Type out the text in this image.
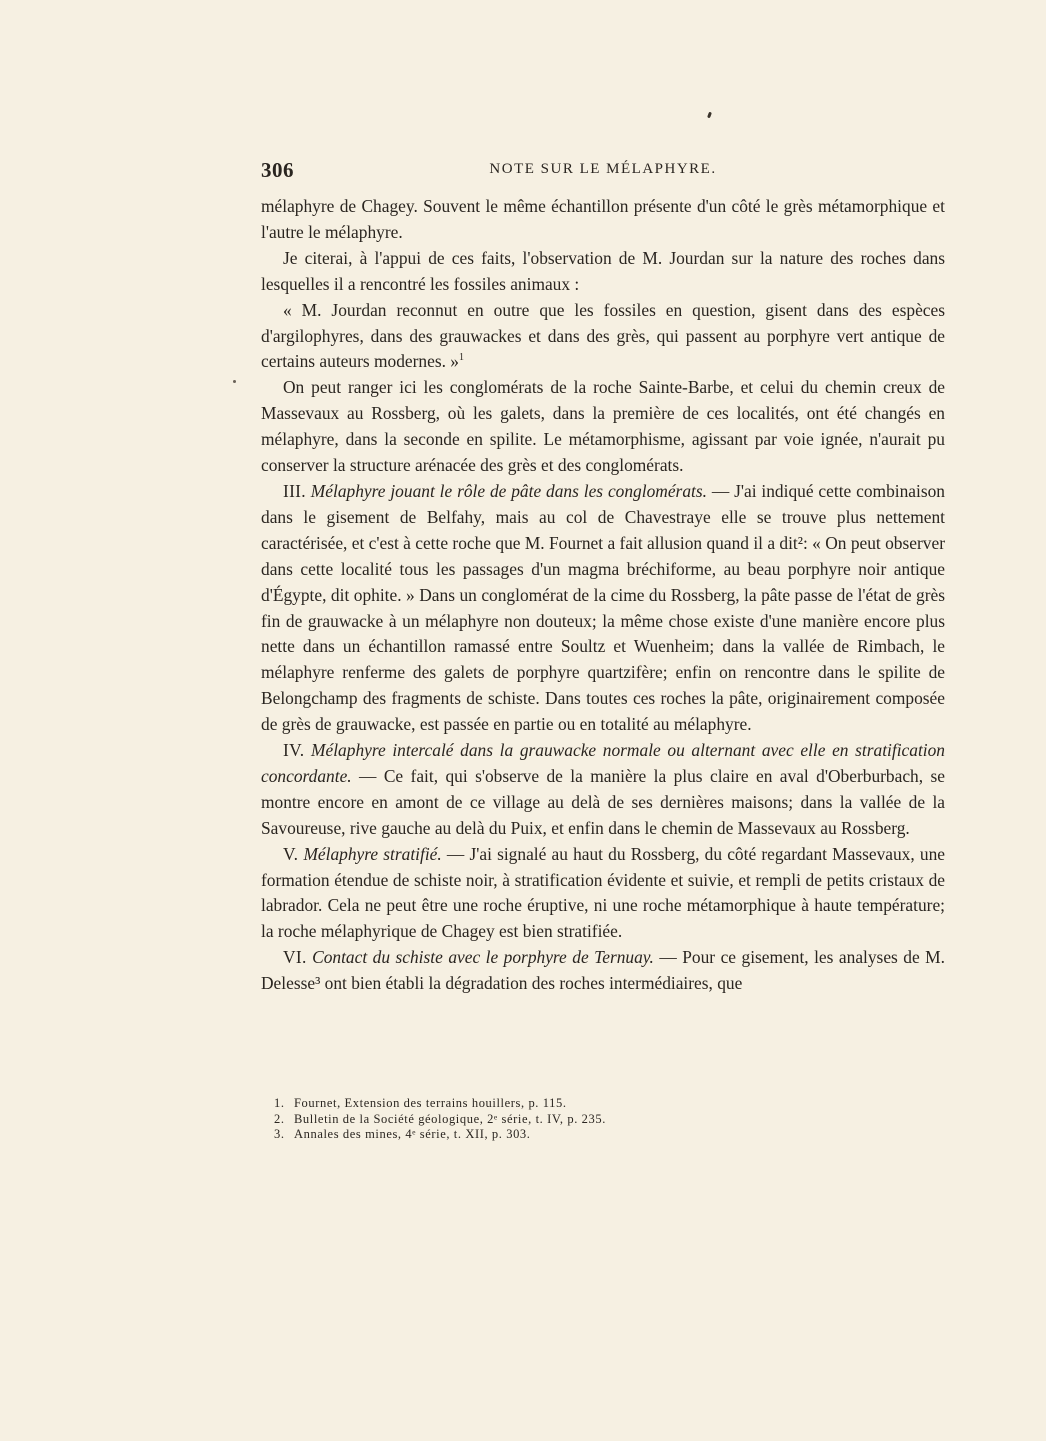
306	NOTE SUR LE MÉLAPHYRE.

mélaphyre de Chagey. Souvent le même échantillon présente d'un côté le grès métamorphique et l'autre le mélaphyre.

Je citerai, à l'appui de ces faits, l'observation de M. Jourdan sur la nature des roches dans lesquelles il a rencontré les fossiles animaux :

« M. Jourdan reconnut en outre que les fossiles en question, gisent dans des espèces d'argilophyres, dans des grauwackes et dans des grès, qui passent au porphyre vert antique de certains auteurs modernes. »$^1$

On peut ranger ici les conglomérats de la roche Sainte-Barbe, et celui du chemin creux de Massevaux au Rossberg, où les galets, dans la première de ces localités, ont été changés en mélaphyre, dans la seconde en spilite. Le métamorphisme, agissant par voie ignée, n'aurait pu conserver la structure arénacée des grès et des conglomérats.

III. Mélaphyre jouant le rôle de pâte dans les conglomérats. — J'ai indiqué cette combinaison dans le gisement de Belfahy, mais au col de Chavestraye elle se trouve plus nettement caractérisée, et c'est à cette roche que M. Fournet a fait allusion quand il a dit²: « On peut observer dans cette localité tous les passages d'un magma bréchiforme, au beau porphyre noir antique d'Égypte, dit ophite. » Dans un conglomérat de la cime du Rossberg, la pâte passe de l'état de grès fin de grauwacke à un mélaphyre non douteux; la même chose existe d'une manière encore plus nette dans un échantillon ramassé entre Soultz et Wuenheim; dans la vallée de Rimbach, le mélaphyre renferme des galets de porphyre quartzifère; enfin on rencontre dans le spilite de Belongchamp des fragments de schiste. Dans toutes ces roches la pâte, originairement composée de grès de grauwacke, est passée en partie ou en totalité au mélaphyre.

IV. Mélaphyre intercalé dans la grauwacke normale ou alternant avec elle en stratification concordante. — Ce fait, qui s'observe de la manière la plus claire en aval d'Oberburbach, se montre encore en amont de ce village au delà de ses dernières maisons; dans la vallée de la Savoureuse, rive gauche au delà du Puix, et enfin dans le chemin de Massevaux au Rossberg.

V. Mélaphyre stratifié. — J'ai signalé au haut du Rossberg, du côté regardant Massevaux, une formation étendue de schiste noir, à stratification évidente et suivie, et rempli de petits cristaux de labrador. Cela ne peut être une roche éruptive, ni une roche métamorphique à haute température; la roche mélaphyrique de Chagey est bien stratifiée.

VI. Contact du schiste avec le porphyre de Ternuay. — Pour ce gisement, les analyses de M. Delesse³ ont bien établi la dégradation des roches intermédiaires, que

1. Fournet, Extension des terrains houillers, p. 115.
2. Bulletin de la Société géologique, 2ᵉ série, t. IV, p. 235.
3. Annales des mines, 4ᵉ série, t. XII, p. 303.
